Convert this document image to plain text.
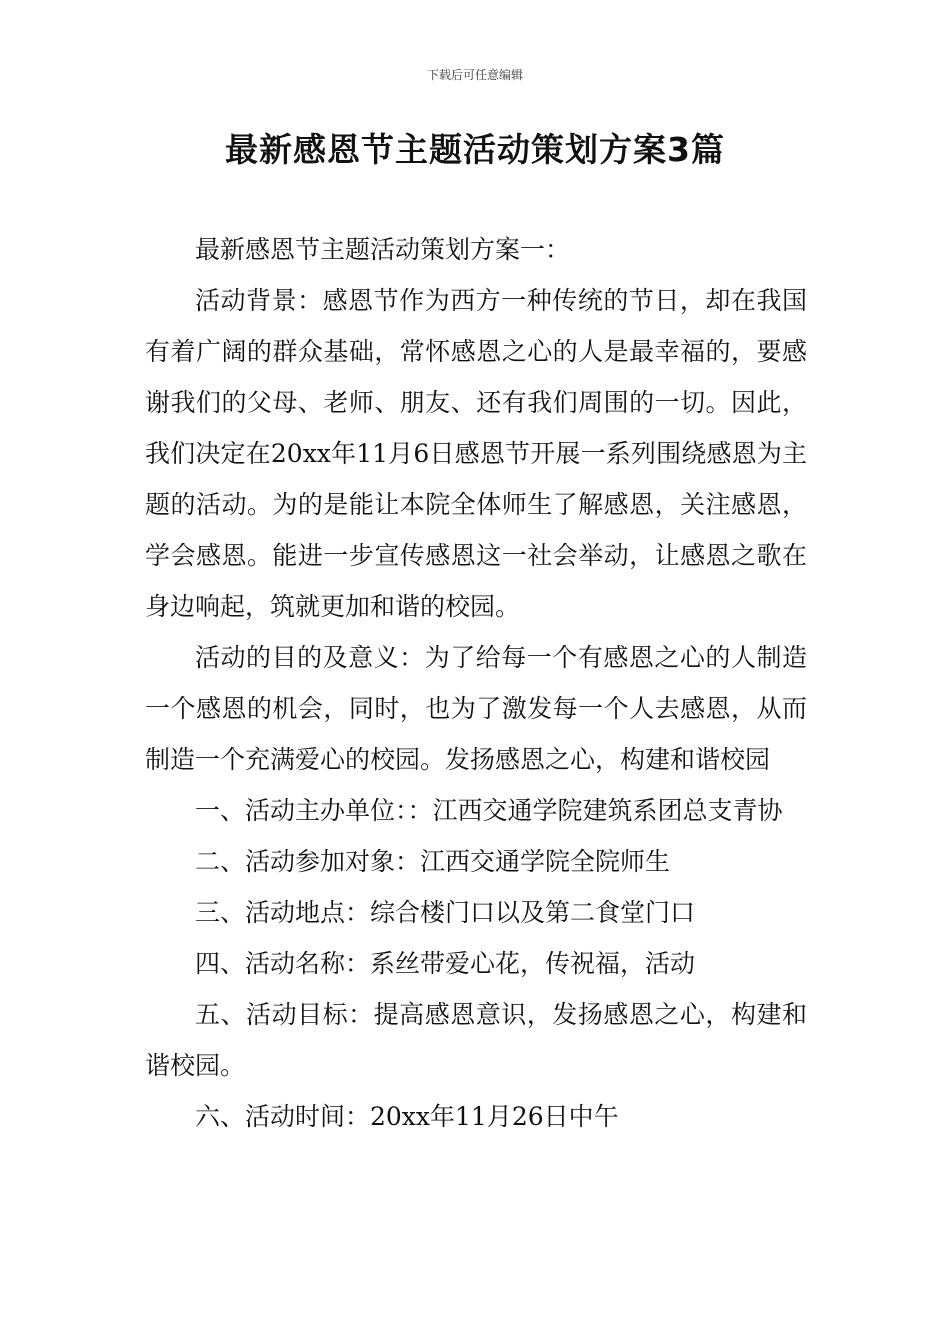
下载后可任意编辑
最新感恩节主题活动策划方案3篇

最新感恩节主题活动策划方案一：

活动背景：感恩节作为西方一种传统的节日，却在我国有着广阔的群众基础，常怀感恩之心的人是最幸福的，要感谢我们的父母、老师、朋友、还有我们周围的一切。因此，我们决定在20xx年11月6日感恩节开展一系列围绕感恩为主题的活动。为的是能让本院全体师生了解感恩，关注感恩，学会感恩。能进一步宣传感恩这一社会举动，让感恩之歌在身边响起，筑就更加和谐的校园。

活动的目的及意义：为了给每一个有感恩之心的人制造一个感恩的机会，同时，也为了激发每一个人去感恩，从而制造一个充满爱心的校园。发扬感恩之心，构建和谐校园

一、活动主办单位：：江西交通学院建筑系团总支青协

二、活动参加对象：江西交通学院全院师生

三、活动地点：综合楼门口以及第二食堂门口

四、活动名称：系丝带爱心花，传祝福，活动

五、活动目标：提高感恩意识，发扬感恩之心，构建和谐校园。

六、活动时间：20xx年11月26日中午
